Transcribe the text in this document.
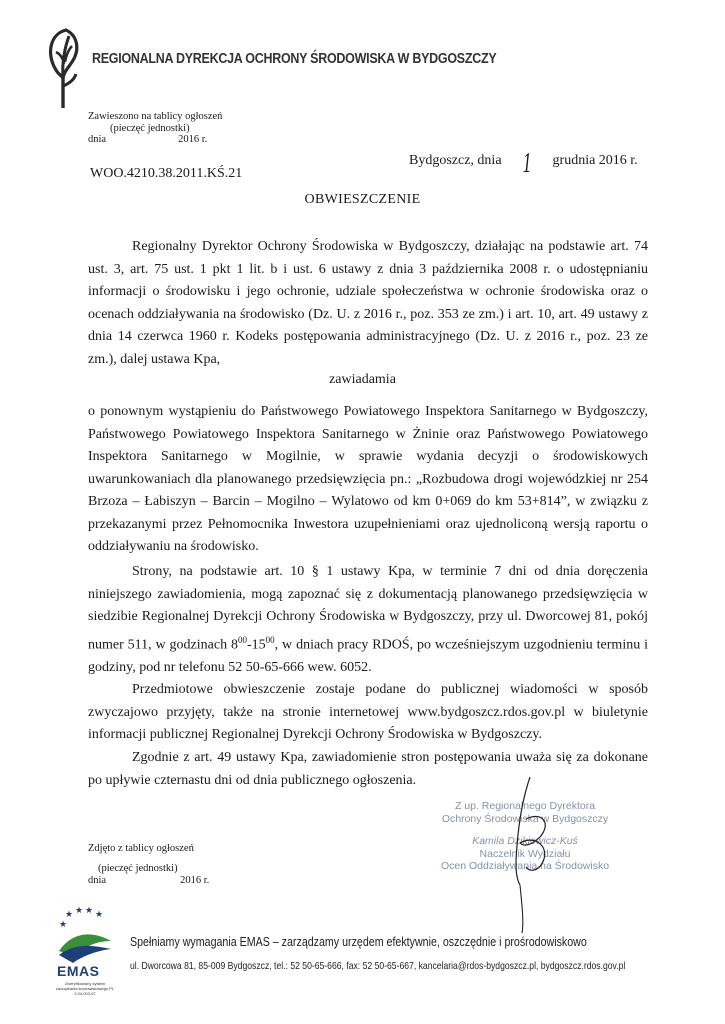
REGIONALNA DYREKCJA OCHRONY ŚRODOWISKA W BYDGOSZCZY
Zawieszono na tablicy ogłoszeń
(pieczęć jednostki)
dnia	2016 r.
Bydgoszcz, dnia 1 grudnia 2016 r.
WOO.4210.38.2011.KŚ.21
OBWIESZCZENIE

Regionalny Dyrektor Ochrony Środowiska w Bydgoszczy, działając na podstawie art. 74 ust. 3, art. 75 ust. 1 pkt 1 lit. b i ust. 6 ustawy z dnia 3 października 2008 r. o udostępnianiu informacji o środowisku i jego ochronie, udziale społeczeństwa w ochronie środowiska oraz o ocenach oddziaływania na środowisko (Dz. U. z 2016 r., poz. 353 ze zm.) i art. 10, art. 49 ustawy z dnia 14 czerwca 1960 r. Kodeks postępowania administracyjnego (Dz. U. z 2016 r., poz. 23 ze zm.), dalej ustawa Kpa,

zawiadamia

o ponownym wystąpieniu do Państwowego Powiatowego Inspektora Sanitarnego w Bydgoszczy, Państwowego Powiatowego Inspektora Sanitarnego w Żninie oraz Państwowego Powiatowego Inspektora Sanitarnego w Mogilnie, w sprawie wydania decyzji o środowiskowych uwarunkowaniach dla planowanego przedsięwzięcia pn.: „Rozbudowa drogi wojewódzkiej nr 254 Brzoza – Łabiszyn – Barcin – Mogilno – Wylatowo od km 0+069 do km 53+814”, w związku z przekazanymi przez Pełnomocnika Inwestora uzupełnieniami oraz ujednoliconą wersją raportu o oddziaływaniu na środowisko.

Strony, na podstawie art. 10 § 1 ustawy Kpa, w terminie 7 dni od dnia doręczenia niniejszego zawiadomienia, mogą zapoznać się z dokumentacją planowanego przedsięwzięcia w siedzibie Regionalnej Dyrekcji Ochrony Środowiska w Bydgoszczy, przy ul. Dworcowej 81, pokój numer 511, w godzinach $8^{00}-15^{00}$, w dniach pracy RDOŚ, po wcześniejszym uzgodnieniu terminu i godziny, pod nr telefonu 52 50-65-666 wew. 6052.

Przedmiotowe obwieszczenie zostaje podane do publicznej wiadomości w sposób zwyczajowo przyjęty, także na stronie internetowej www.bydgoszcz.rdos.gov.pl w biuletynie informacji publicznej Regionalnej Dyrekcji Ochrony Środowiska w Bydgoszczy.

Zgodnie z art. 49 ustawy Kpa, zawiadomienie stron postępowania uważa się za dokonane po upływie czternastu dni od dnia publicznego ogłoszenia.

Z up. Regionalnego Dyrektora
Ochrony Środowiska w Bydgoszczy
Kamila Dzikiewicz-Kuś
Naczelnik Wydziału
Ocen Oddziaływania na Środowisko
Zdjęto z tablicy ogłoszeń
(pieczęć jednostki)
dnia	2016 r.
★ ★ ★ ★
★
EMAS
Zweryfikowany system zarządzania środowiskowego PL 2.04-003-67
Spełniamy wymagania EMAS – zarządzamy urzędem efektywnie, oszczędnie i prośrodowiskowo
ul. Dworcowa 81, 85-009 Bydgoszcz, tel.: 52 50-65-666, fax: 52 50-65-667, kancelaria@rdos-bydgoszcz.pl, bydgoszcz.rdos.gov.pl
